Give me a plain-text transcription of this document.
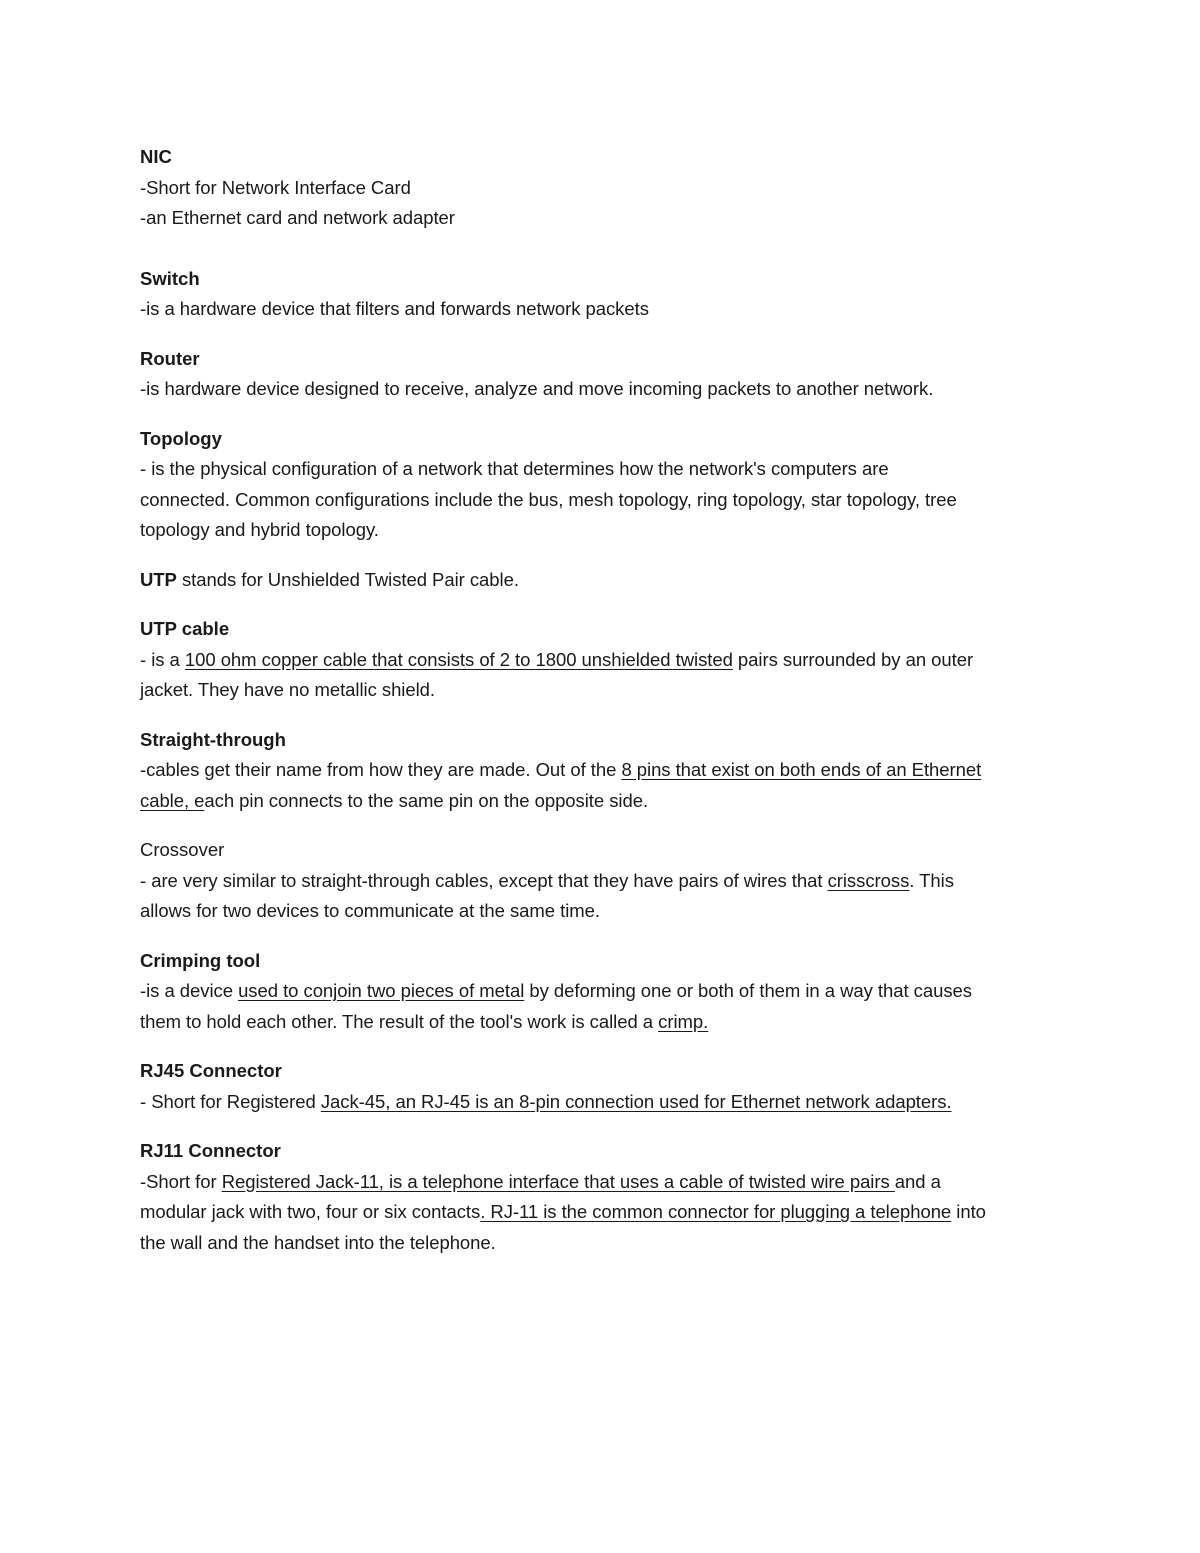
NIC
-Short for Network Interface Card
-an Ethernet card and network adapter
Switch
-is a hardware device that filters and forwards network packets
Router
-is hardware device designed to receive, analyze and move incoming packets to another network.
Topology
- is the physical configuration of a network that determines how the network's computers are
connected. Common configurations include the bus, mesh topology, ring topology, star topology, tree
topology and hybrid topology.
UTP stands for Unshielded Twisted Pair cable.
UTP cable
- is a 100 ohm copper cable that consists of 2 to 1800 unshielded twisted pairs surrounded by an outer
jacket. They have no metallic shield.
Straight-through
-cables get their name from how they are made. Out of the 8 pins that exist on both ends of an Ethernet
cable, each pin connects to the same pin on the opposite side.
Crossover
- are very similar to straight-through cables, except that they have pairs of wires that crisscross. This
allows for two devices to communicate at the same time.
Crimping tool
-is a device used to conjoin two pieces of metal by deforming one or both of them in a way that causes
them to hold each other. The result of the tool's work is called a crimp.
RJ45 Connector
- Short for Registered Jack-45, an RJ-45 is an 8-pin connection used for Ethernet network adapters.
RJ11 Connector
-Short for Registered Jack-11, is a telephone interface that uses a cable of twisted wire pairs and a
modular jack with two, four or six contacts. RJ-11 is the common connector for plugging a telephone into
the wall and the handset into the telephone.
